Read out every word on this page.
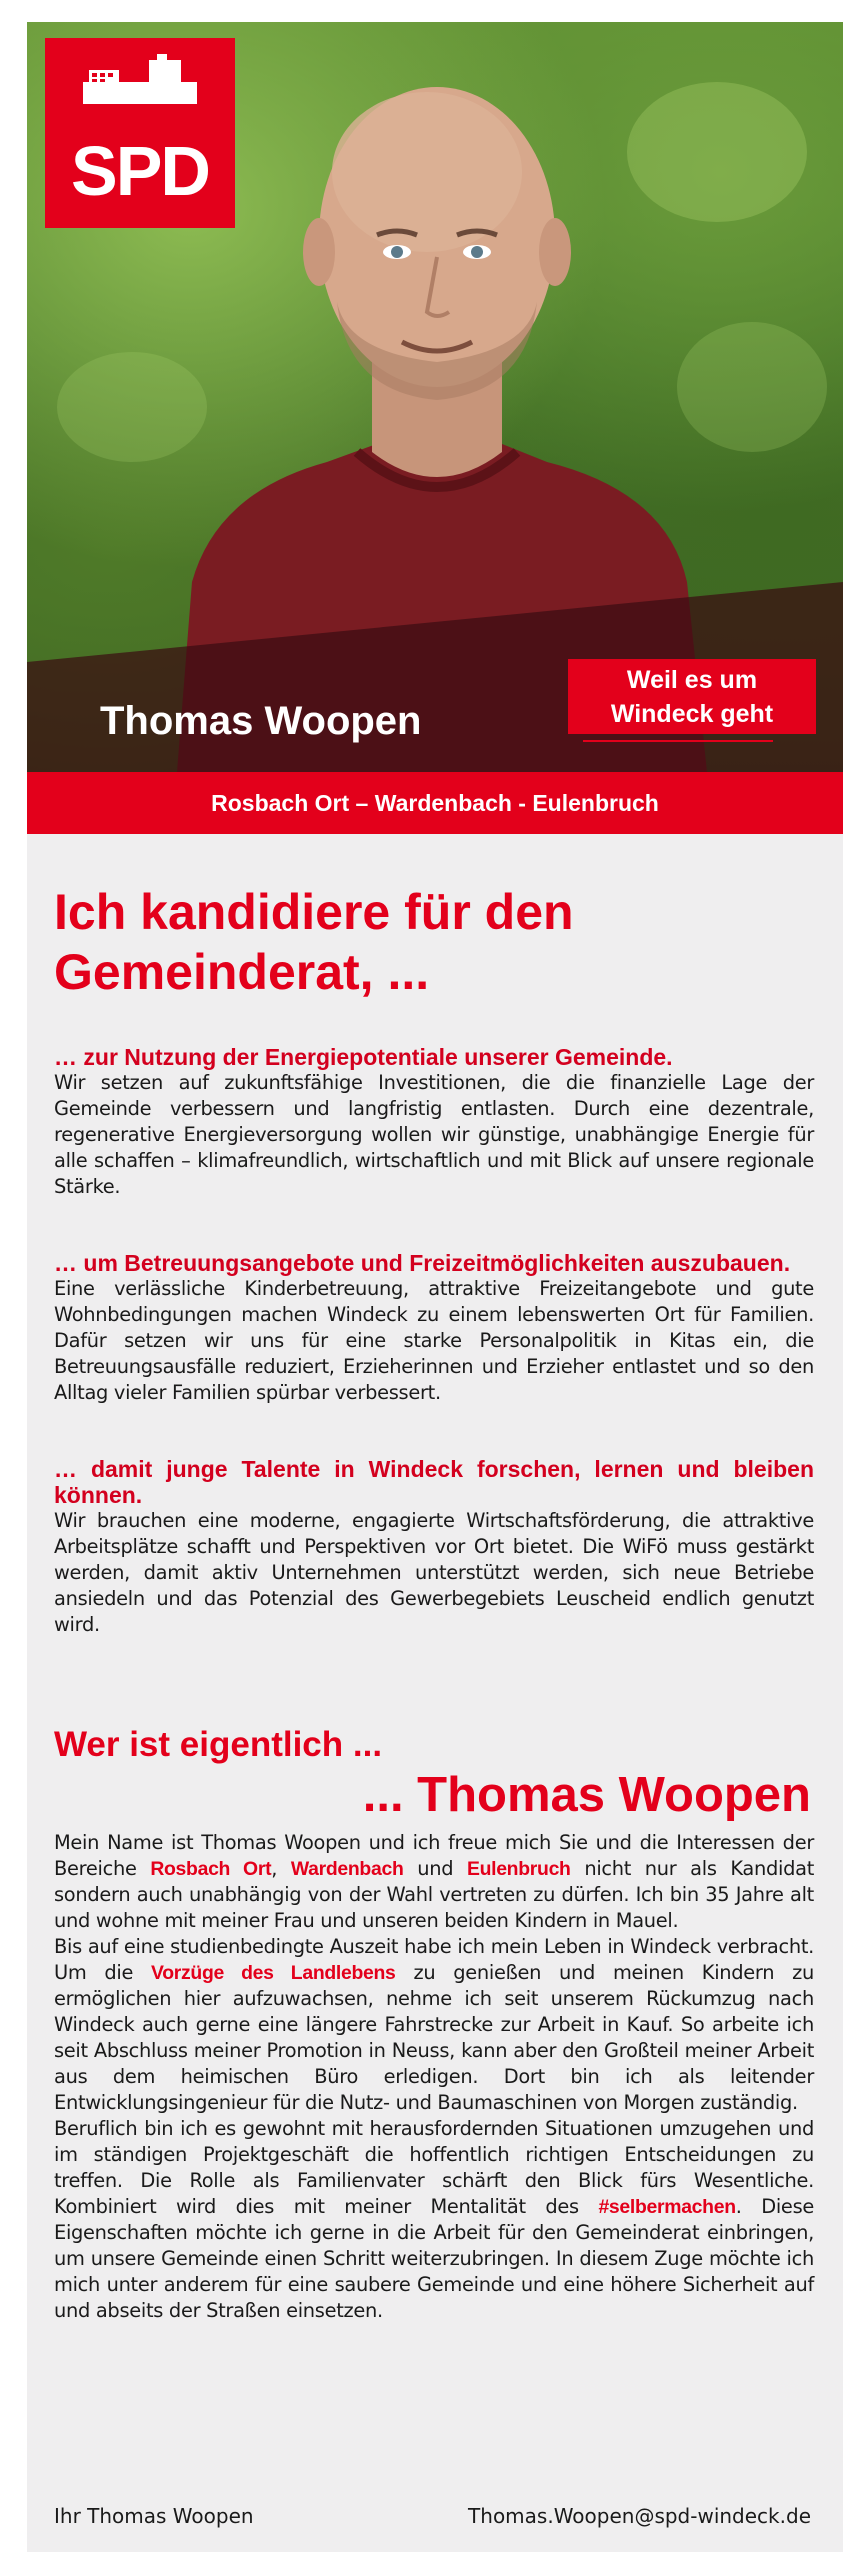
SPD
Thomas Woopen
Weil es um
Windeck geht
Rosbach Ort – Wardenbach - Eulenbruch
Ich kandidiere für den
Gemeinderat, ...

… zur Nutzung der Energiepotentiale unserer Gemeinde.

Wir setzen auf zukunftsfähige Investitionen, die die finanzielle Lage der Gemeinde verbessern und langfristig entlasten. Durch eine dezentrale, regenerative Energieversorgung wollen wir günstige, unabhängige Energie für alle schaffen – klimafreundlich, wirtschaftlich und mit Blick auf unsere regionale Stärke.

… um Betreuungsangebote und Freizeitmöglichkeiten auszubauen.

Eine verlässliche Kinderbetreuung, attraktive Freizeitangebote und gute Wohnbedingungen machen Windeck zu einem lebenswerten Ort für Familien. Dafür setzen wir uns für eine starke Personalpolitik in Kitas ein, die Betreuungsausfälle reduziert, Erzieherinnen und Erzieher entlastet und so den Alltag vieler Familien spürbar verbessert.

… damit junge Talente in Windeck forschen, lernen und bleiben können.

Wir brauchen eine moderne, engagierte Wirtschaftsförderung, die attraktive Arbeitsplätze schafft und Perspektiven vor Ort bietet. Die WiFö muss gestärkt werden, damit aktiv Unternehmen unterstützt werden, sich neue Betriebe ansiedeln und das Potenzial des Gewerbegebiets Leuscheid endlich genutzt wird.

Wer ist eigentlich ...
... Thomas Woopen

Mein Name ist Thomas Woopen und ich freue mich Sie und die Interessen der Bereiche Rosbach Ort, Wardenbach und Eulenbruch nicht nur als Kandidat sondern auch unabhängig von der Wahl vertreten zu dürfen. Ich bin 35 Jahre alt und wohne mit meiner Frau und unseren beiden Kindern in Mauel.

Bis auf eine studienbedingte Auszeit habe ich mein Leben in Windeck verbracht. Um die Vorzüge des Landlebens zu genießen und meinen Kindern zu ermöglichen hier aufzuwachsen, nehme ich seit unserem Rückumzug nach Windeck auch gerne eine längere Fahrstrecke zur Arbeit in Kauf. So arbeite ich seit Abschluss meiner Promotion in Neuss, kann aber den Großteil meiner Arbeit aus dem heimischen Büro erledigen. Dort bin ich als leitender Entwicklungsingenieur für die Nutz- und Baumaschinen von Morgen zuständig.

Beruflich bin ich es gewohnt mit herausfordernden Situationen umzugehen und im ständigen Projektgeschäft die hoffentlich richtigen Entscheidungen zu treffen. Die Rolle als Familienvater schärft den Blick fürs Wesentliche. Kombiniert wird dies mit meiner Mentalität des #selbermachen. Diese Eigenschaften möchte ich gerne in die Arbeit für den Gemeinderat einbringen, um unsere Gemeinde einen Schritt weiterzubringen. In diesem Zuge möchte ich mich unter anderem für eine saubere Gemeinde und eine höhere Sicherheit auf und abseits der Straßen einsetzen.

Ihr Thomas Woopen	Thomas.Woopen@spd-windeck.de
